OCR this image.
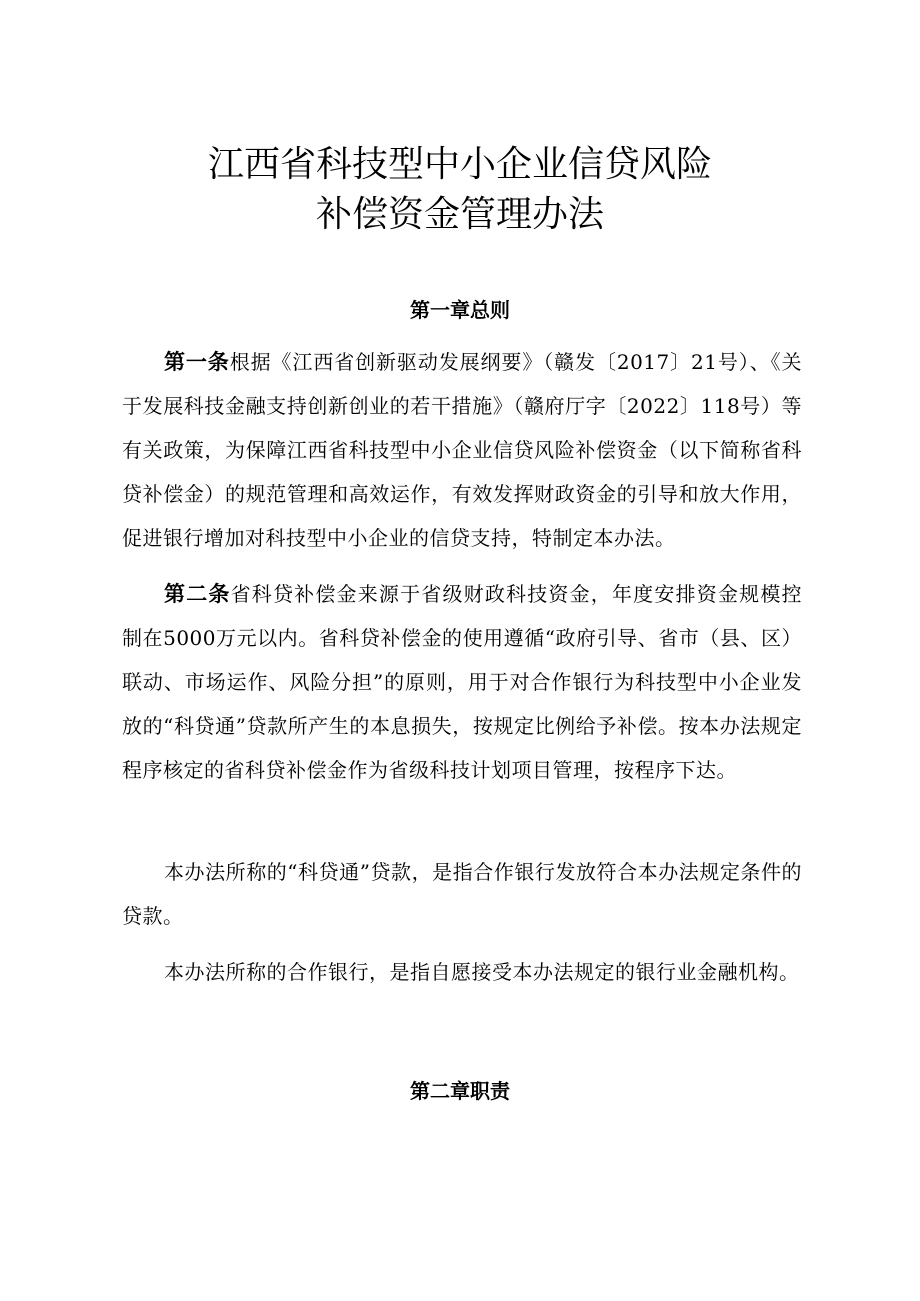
江西省科技型中小企业信贷风险
补偿资金管理办法
第一章总则
第一条根据《江西省创新驱动发展纲要》（赣发〔2017〕21号）、《关于发展科技金融支持创新创业的若干措施》（赣府厅字〔2022〕118号）等有关政策，为保障江西省科技型中小企业信贷风险补偿资金（以下简称省科贷补偿金）的规范管理和高效运作，有效发挥财政资金的引导和放大作用，促进银行增加对科技型中小企业的信贷支持，特制定本办法。
第二条省科贷补偿金来源于省级财政科技资金，年度安排资金规模控制在5000万元以内。省科贷补偿金的使用遵循“政府引导、省市（县、区）联动、市场运作、风险分担”的原则，用于对合作银行为科技型中小企业发放的“科贷通”贷款所产生的本息损失，按规定比例给予补偿。按本办法规定程序核定的省科贷补偿金作为省级科技计划项目管理，按程序下达。
本办法所称的“科贷通”贷款，是指合作银行发放符合本办法规定条件的贷款。
本办法所称的合作银行，是指自愿接受本办法规定的银行业金融机构。
第二章职责
